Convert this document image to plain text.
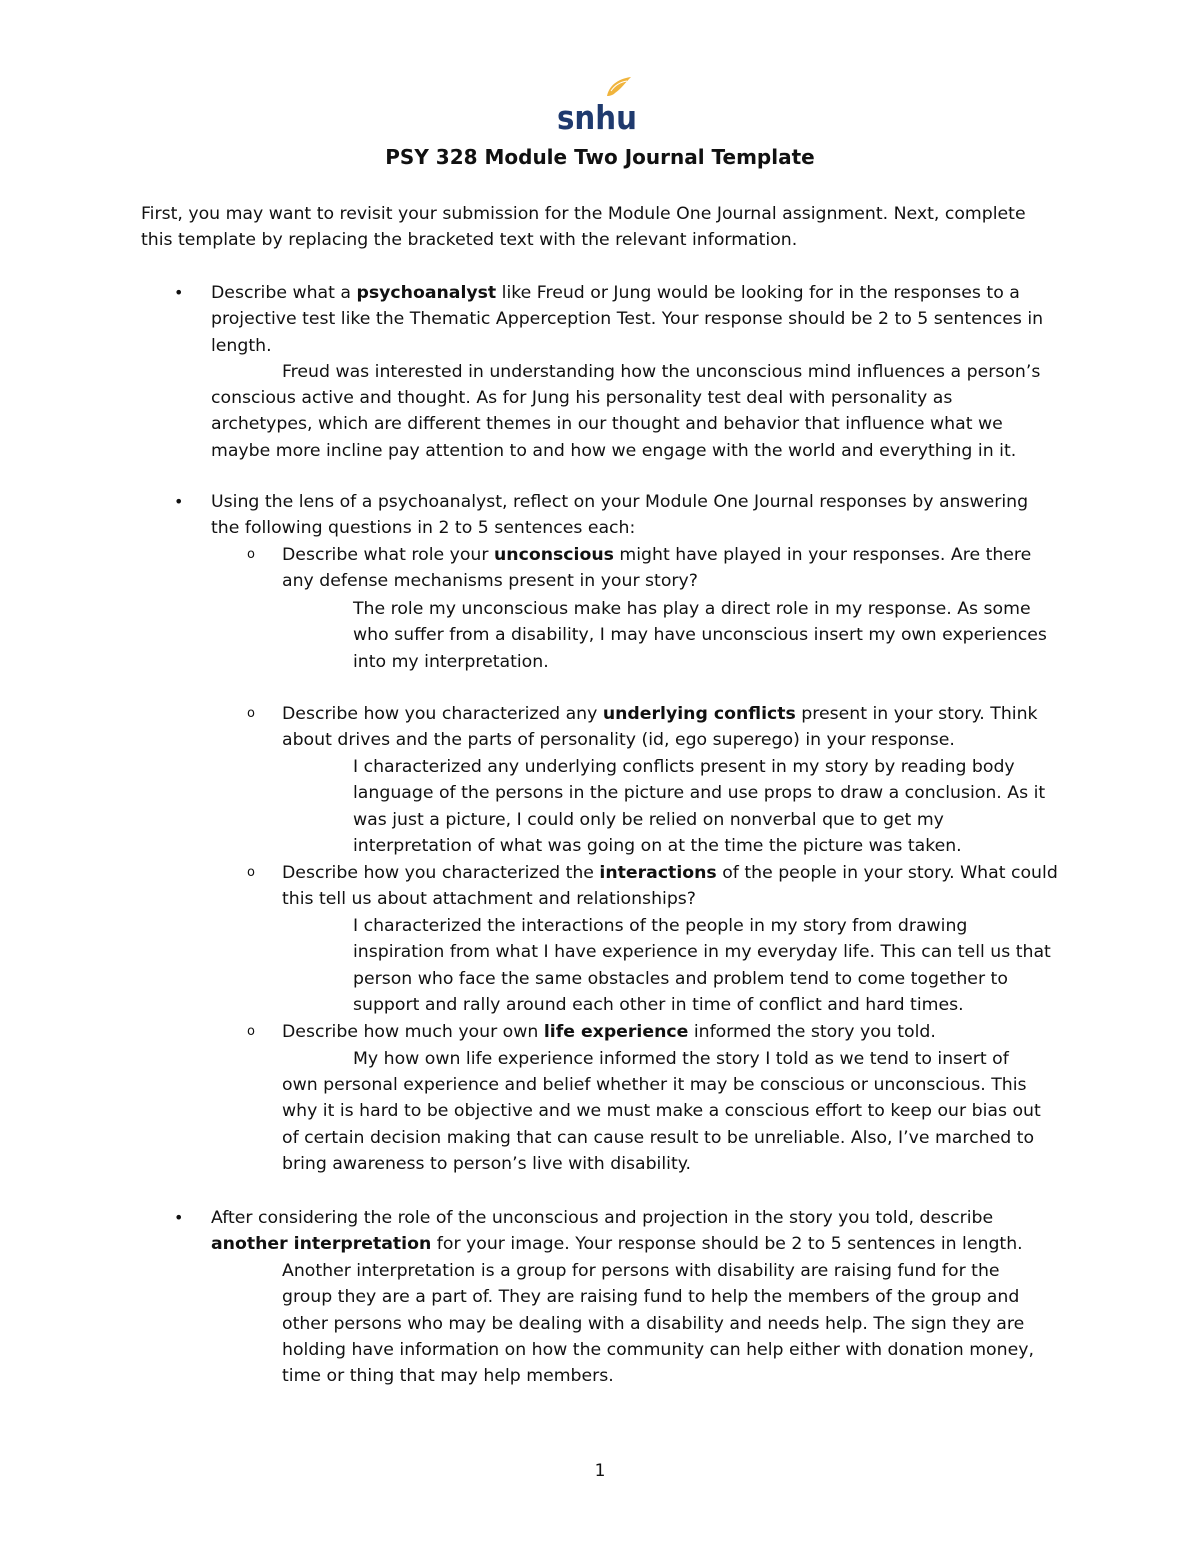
snhu
PSY 328 Module Two Journal Template
First, you may want to revisit your submission for the Module One Journal assignment. Next, complete
this template by replacing the bracketed text with the relevant information.
• Describe what a psychoanalyst like Freud or Jung would be looking for in the responses to a
projective test like the Thematic Apperception Test. Your response should be 2 to 5 sentences in
length.
Freud was interested in understanding how the unconscious mind influences a person’s
conscious active and thought. As for Jung his personality test deal with personality as
archetypes, which are different themes in our thought and behavior that influence what we
maybe more incline pay attention to and how we engage with the world and everything in it.
• Using the lens of a psychoanalyst, reflect on your Module One Journal responses by answering
the following questions in 2 to 5 sentences each:
o Describe what role your unconscious might have played in your responses. Are there
any defense mechanisms present in your story?
The role my unconscious make has play a direct role in my response. As some
who suffer from a disability, I may have unconscious insert my own experiences
into my interpretation.
o Describe how you characterized any underlying conflicts present in your story. Think
about drives and the parts of personality (id, ego superego) in your response.
I characterized any underlying conflicts present in my story by reading body
language of the persons in the picture and use props to draw a conclusion. As it
was just a picture, I could only be relied on nonverbal que to get my
interpretation of what was going on at the time the picture was taken.
o Describe how you characterized the interactions of the people in your story. What could
this tell us about attachment and relationships?
I characterized the interactions of the people in my story from drawing
inspiration from what I have experience in my everyday life. This can tell us that
person who face the same obstacles and problem tend to come together to
support and rally around each other in time of conflict and hard times.
o Describe how much your own life experience informed the story you told.
My how own life experience informed the story I told as we tend to insert of
own personal experience and belief whether it may be conscious or unconscious. This
why it is hard to be objective and we must make a conscious effort to keep our bias out
of certain decision making that can cause result to be unreliable. Also, I’ve marched to
bring awareness to person’s live with disability.
• After considering the role of the unconscious and projection in the story you told, describe
another interpretation for your image. Your response should be 2 to 5 sentences in length.
Another interpretation is a group for persons with disability are raising fund for the
group they are a part of. They are raising fund to help the members of the group and
other persons who may be dealing with a disability and needs help. The sign they are
holding have information on how the community can help either with donation money,
time or thing that may help members.
1
